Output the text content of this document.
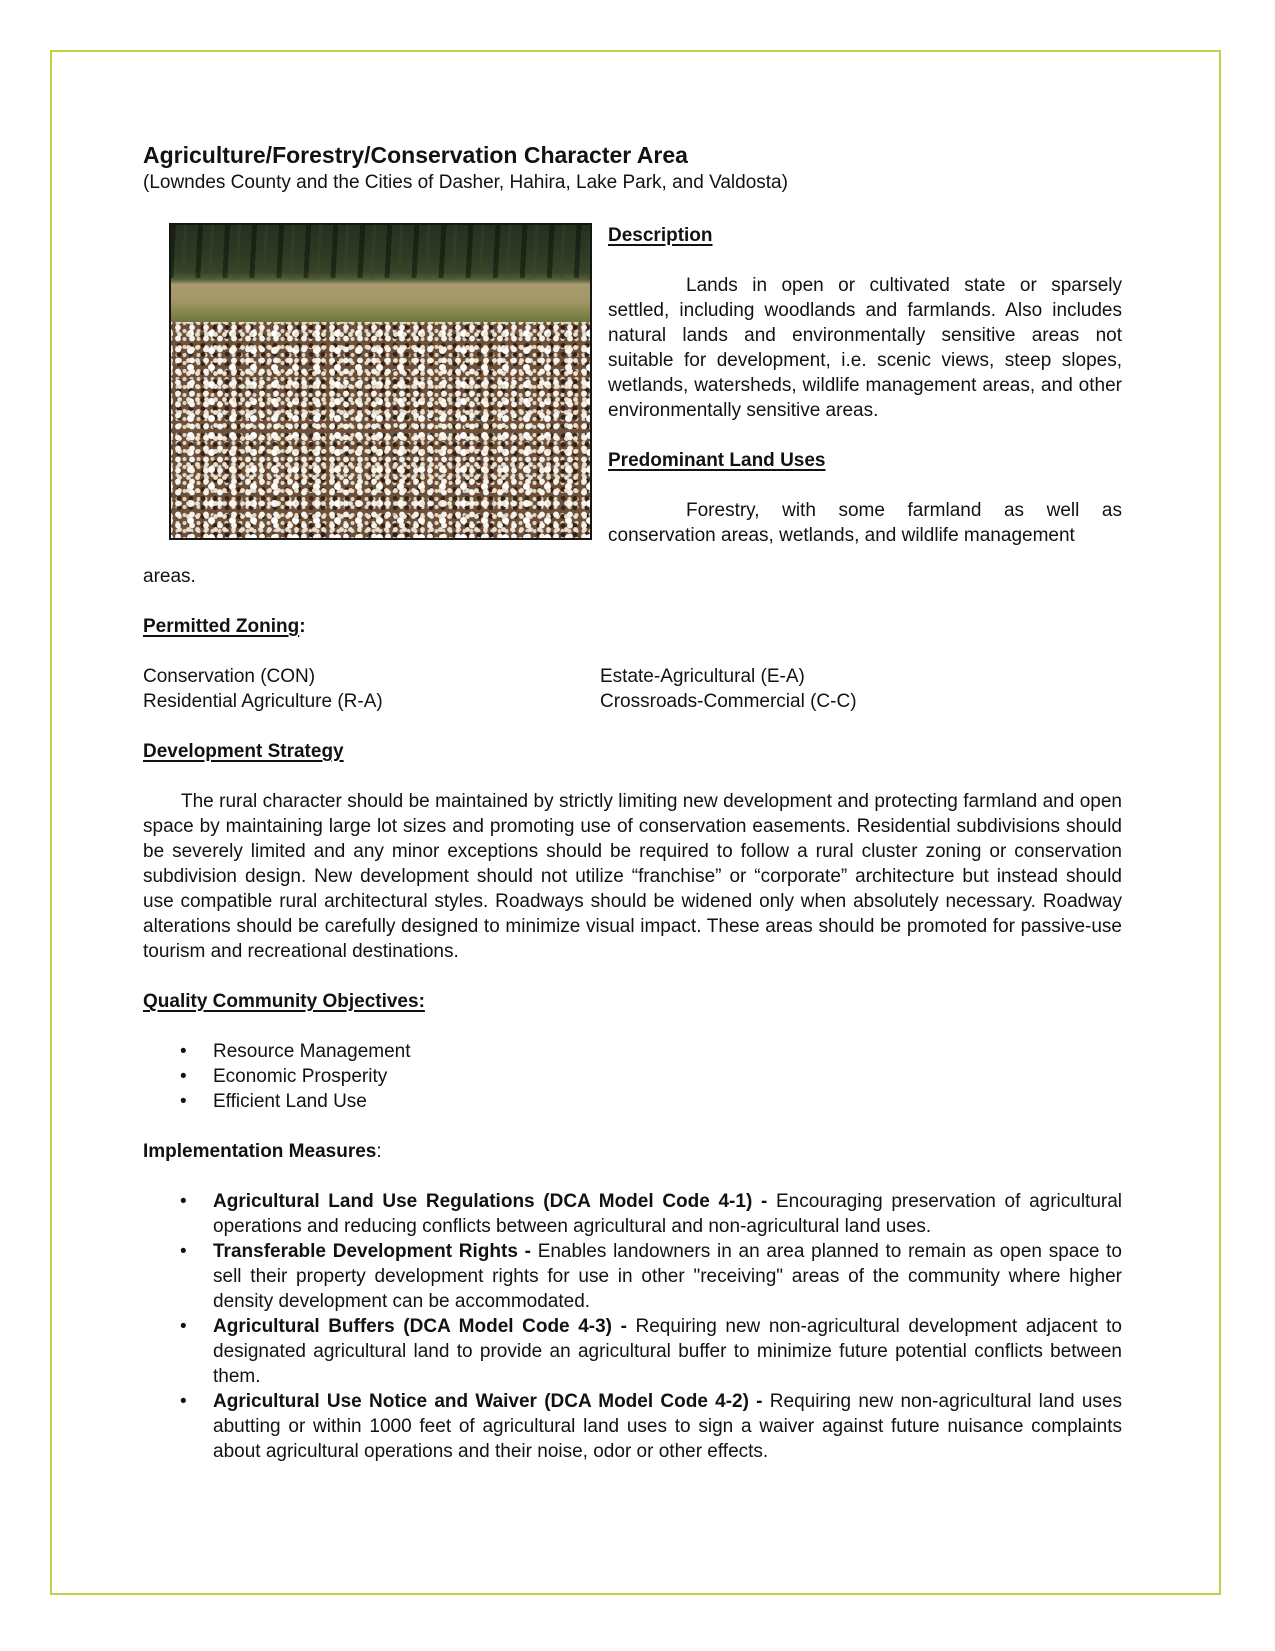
Agriculture/Forestry/Conservation Character Area
(Lowndes County and the Cities of Dasher, Hahira, Lake Park, and Valdosta)
Description
Lands in open or cultivated state or sparsely settled, including woodlands and farmlands. Also includes natural lands and environmentally sensitive areas not suitable for development, i.e. scenic views, steep slopes, wetlands, watersheds, wildlife management areas, and other environmentally sensitive areas.
Predominant Land Uses
Forestry, with some farmland as well as conservation areas, wetlands, and wildlife management
areas.
Permitted Zoning:
Conservation (CON)	Estate-Agricultural (E-A)
Residential Agriculture (R-A)	Crossroads-Commercial (C-C)
Development Strategy
The rural character should be maintained by strictly limiting new development and protecting farmland and open space by maintaining large lot sizes and promoting use of conservation easements. Residential subdivisions should be severely limited and any minor exceptions should be required to follow a rural cluster zoning or conservation subdivision design. New development should not utilize “franchise” or “corporate” architecture but instead should use compatible rural architectural styles. Roadways should be widened only when absolutely necessary. Roadway alterations should be carefully designed to minimize visual impact. These areas should be promoted for passive-use tourism and recreational destinations.
Quality Community Objectives:
• Resource Management
• Economic Prosperity
• Efficient Land Use
Implementation Measures:
• Agricultural Land Use Regulations (DCA Model Code 4-1) - Encouraging preservation of agricultural operations and reducing conflicts between agricultural and non-agricultural land uses.
• Transferable Development Rights - Enables landowners in an area planned to remain as open space to sell their property development rights for use in other "receiving" areas of the community where higher density development can be accommodated.
• Agricultural Buffers (DCA Model Code 4-3) - Requiring new non-agricultural development adjacent to designated agricultural land to provide an agricultural buffer to minimize future potential conflicts between them.
• Agricultural Use Notice and Waiver (DCA Model Code 4-2) - Requiring new non-agricultural land uses abutting or within 1000 feet of agricultural land uses to sign a waiver against future nuisance complaints about agricultural operations and their noise, odor or other effects.
